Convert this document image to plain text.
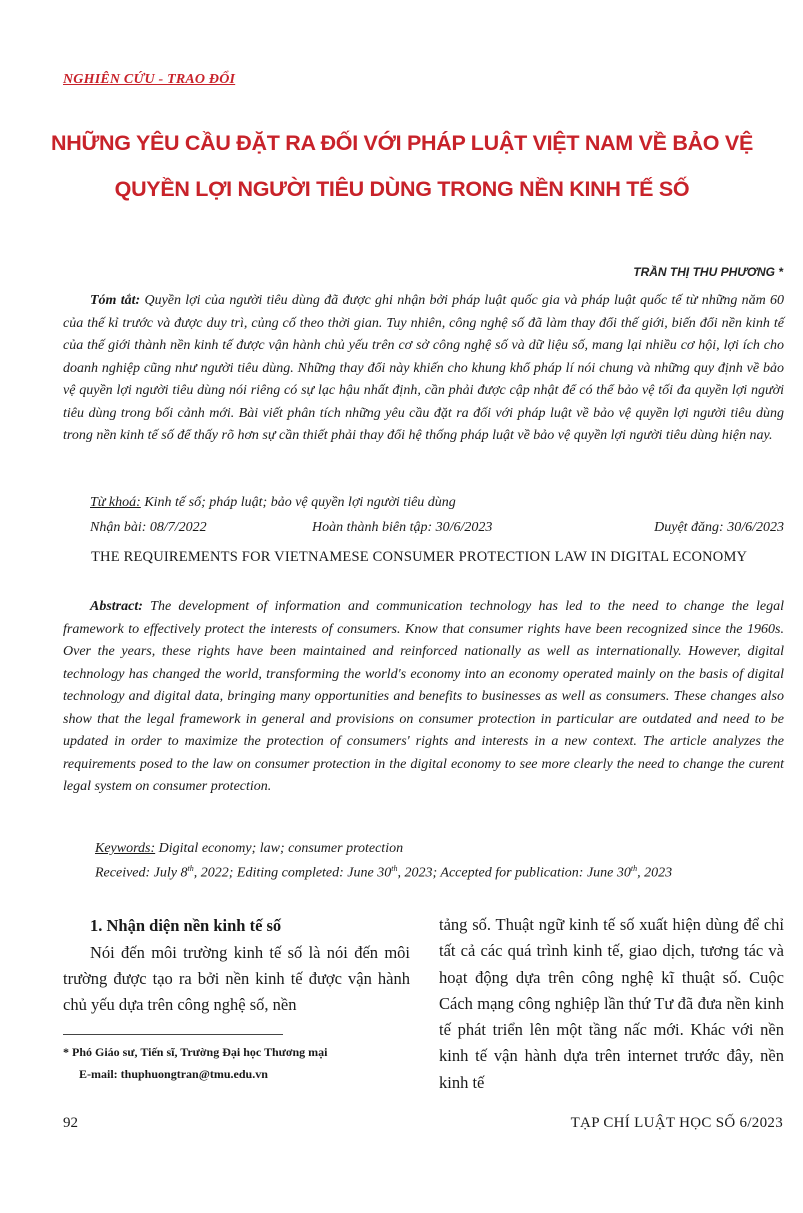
NGHIÊN CỨU - TRAO ĐỔI
NHỮNG YÊU CẦU ĐẶT RA ĐỐI VỚI PHÁP LUẬT VIỆT NAM VỀ BẢO VỆ
QUYỀN LỢI NGƯỜI TIÊU DÙNG TRONG NỀN KINH TẾ SỐ
TRẦN THỊ THU PHƯƠNG *

Tóm tắt: Quyền lợi của người tiêu dùng đã được ghi nhận bởi pháp luật quốc gia và pháp luật quốc tế từ những năm 60 của thế kỉ trước và được duy trì, củng cố theo thời gian. Tuy nhiên, công nghệ số đã làm thay đổi thế giới, biến đổi nền kinh tế của thế giới thành nền kinh tế được vận hành chủ yếu trên cơ sở công nghệ số và dữ liệu số, mang lại nhiều cơ hội, lợi ích cho doanh nghiệp cũng như người tiêu dùng. Những thay đổi này khiến cho khung khổ pháp lí nói chung và những quy định về bảo vệ quyền lợi người tiêu dùng nói riêng có sự lạc hậu nhất định, cần phải được cập nhật để có thể bảo vệ tối đa quyền lợi người tiêu dùng trong bối cảnh mới. Bài viết phân tích những yêu cầu đặt ra đối với pháp luật về bảo vệ quyền lợi người tiêu dùng trong nền kinh tế số để thấy rõ hơn sự cần thiết phải thay đổi hệ thống pháp luật về bảo vệ quyền lợi người tiêu dùng hiện nay.

Từ khoá: Kinh tế số; pháp luật; bảo vệ quyền lợi người tiêu dùng
Nhận bài: 08/7/2022	Hoàn thành biên tập: 30/6/2023	Duyệt đăng: 30/6/2023

THE REQUIREMENTS FOR VIETNAMESE CONSUMER PROTECTION LAW IN DIGITAL ECONOMY

Abstract: The development of information and communication technology has led to the need to change the legal framework to effectively protect the interests of consumers. Know that consumer rights have been recognized since the 1960s. Over the years, these rights have been maintained and reinforced nationally as well as internationally. However, digital technology has changed the world, transforming the world's economy into an economy operated mainly on the basis of digital technology and digital data, bringing many opportunities and benefits to businesses as well as consumers. These changes also show that the legal framework in general and provisions on consumer protection in particular are outdated and need to be updated in order to maximize the protection of consumers' rights and interests in a new context. The article analyzes the requirements posed to the law on consumer protection in the digital economy to see more clearly the need to change the curent legal system on consumer protection.

Keywords: Digital economy; law; consumer protection
Received: July 8th, 2022; Editing completed: June 30th, 2023; Accepted for publication: June 30th, 2023
1. Nhận diện nền kinh tế số

Nói đến môi trường kinh tế số là nói đến môi trường được tạo ra bởi nền kinh tế được vận hành chủ yếu dựa trên công nghệ số, nền

tảng số. Thuật ngữ kinh tế số xuất hiện dùng để chỉ tất cả các quá trình kinh tế, giao dịch, tương tác và hoạt động dựa trên công nghệ kĩ thuật số. Cuộc Cách mạng công nghiệp lần thứ Tư đã đưa nền kinh tế phát triển lên một tầng nấc mới. Khác với nền kinh tế vận hành dựa trên internet trước đây, nền kinh tế

* Phó Giáo sư, Tiến sĩ, Trường Đại học Thương mại
E-mail: thuphuongtran@tmu.edu.vn
92	TẠP CHÍ LUẬT HỌC SỐ 6/2023
